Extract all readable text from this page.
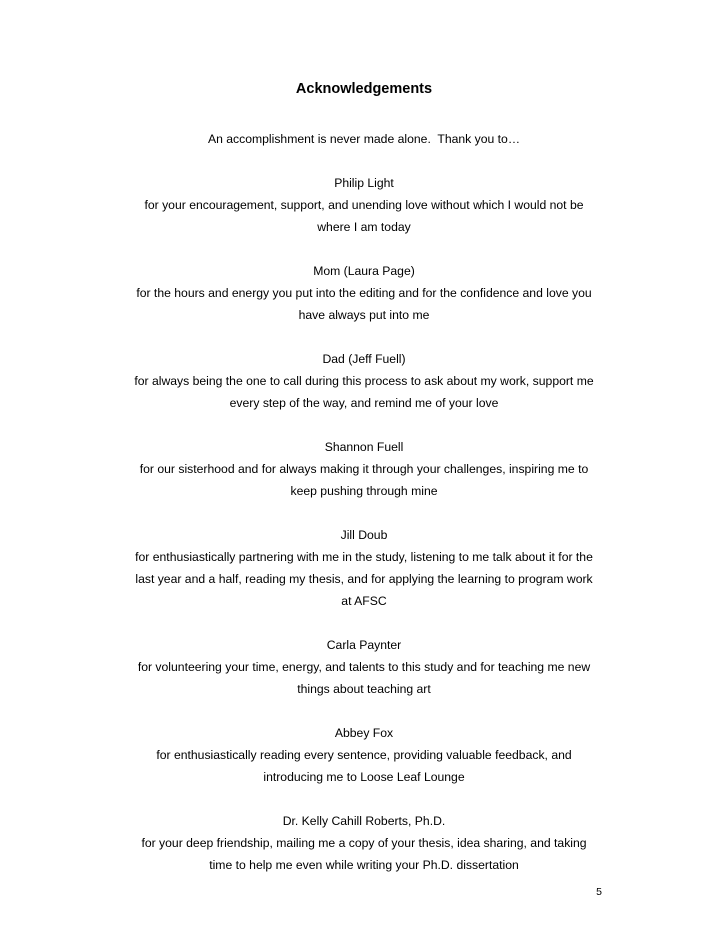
Acknowledgements
An accomplishment is never made alone.  Thank you to…
Philip Light
for your encouragement, support, and unending love without which I would not be
where I am today
Mom (Laura Page)
for the hours and energy you put into the editing and for the confidence and love you
have always put into me
Dad (Jeff Fuell)
for always being the one to call during this process to ask about my work, support me
every step of the way, and remind me of your love
Shannon Fuell
for our sisterhood and for always making it through your challenges, inspiring me to
keep pushing through mine
Jill Doub
for enthusiastically partnering with me in the study, listening to me talk about it for the
last year and a half, reading my thesis, and for applying the learning to program work
at AFSC
Carla Paynter
for volunteering your time, energy, and talents to this study and for teaching me new
things about teaching art
Abbey Fox
for enthusiastically reading every sentence, providing valuable feedback, and
introducing me to Loose Leaf Lounge
Dr. Kelly Cahill Roberts, Ph.D.
for your deep friendship, mailing me a copy of your thesis, idea sharing, and taking
time to help me even while writing your Ph.D. dissertation
5
